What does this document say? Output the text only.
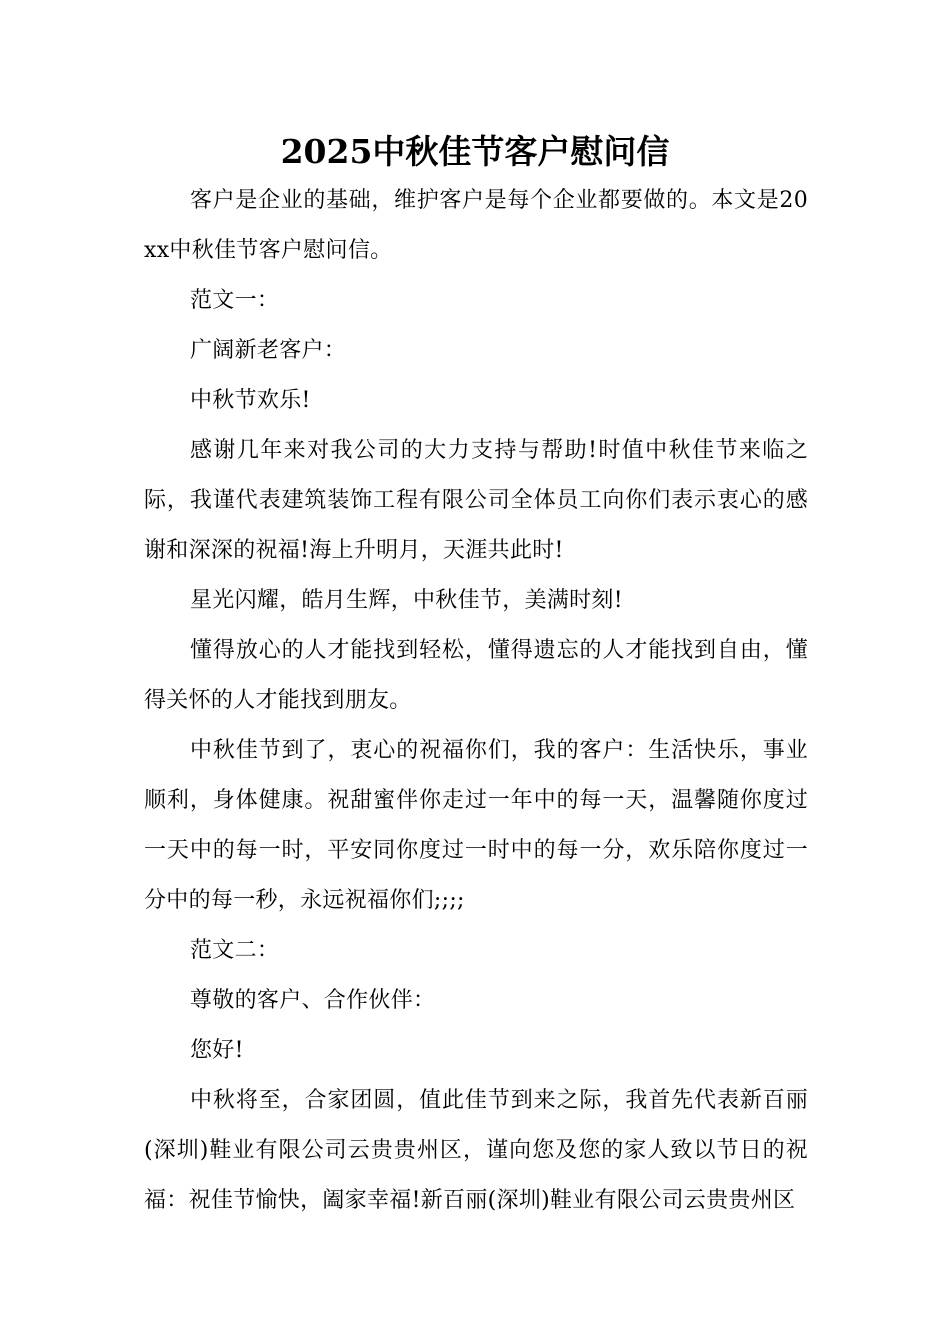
2025中秋佳节客户慰问信

客户是企业的基础，维护客户是每个企业都要做的。本文是20xx中秋佳节客户慰问信。

范文一：

广阔新老客户：

中秋节欢乐!

感谢几年来对我公司的大力支持与帮助!时值中秋佳节来临之际，我谨代表建筑装饰工程有限公司全体员工向你们表示衷心的感谢和深深的祝福!海上升明月，天涯共此时!

星光闪耀，皓月生辉，中秋佳节，美满时刻!

懂得放心的人才能找到轻松，懂得遗忘的人才能找到自由，懂得关怀的人才能找到朋友。

中秋佳节到了，衷心的祝福你们，我的客户：生活快乐，事业顺利，身体健康。祝甜蜜伴你走过一年中的每一天，温馨随你度过一天中的每一时，平安同你度过一时中的每一分，欢乐陪你度过一分中的每一秒，永远祝福你们;;;;

范文二：

尊敬的客户、合作伙伴：

您好!

中秋将至，合家团圆，值此佳节到来之际，我首先代表新百丽(深圳)鞋业有限公司云贵贵州区，谨向您及您的家人致以节日的祝福：祝佳节愉快，阖家幸福!新百丽(深圳)鞋业有限公司云贵贵州区
